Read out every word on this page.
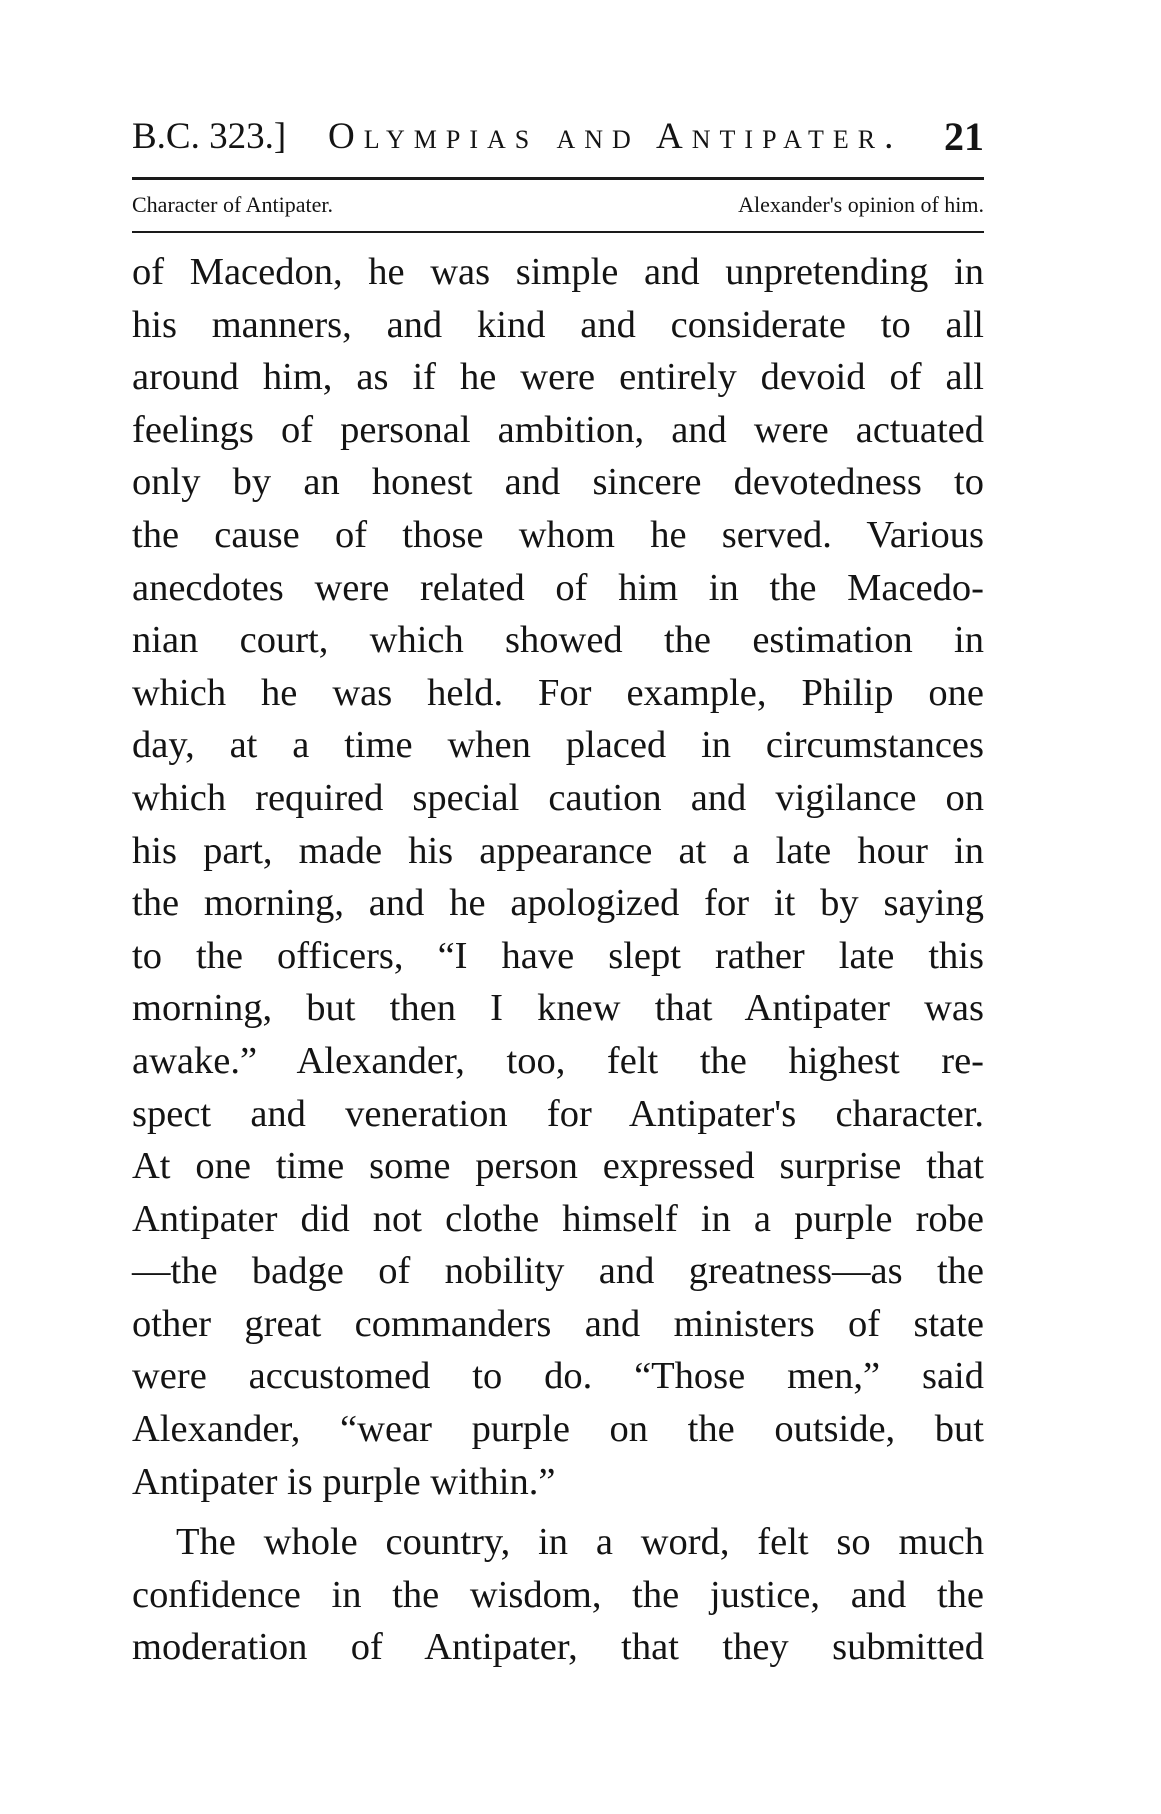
B.C. 323.] Olympias and Antipater. 21
Character of Antipater.	Alexander's opinion of him.
of Macedon, he was simple and unpretending in
his manners, and kind and considerate to all
around him, as if he were entirely devoid of all
feelings of personal ambition, and were actuated
only by an honest and sincere devotedness to
the cause of those whom he served. Various
anecdotes were related of him in the Macedo-
nian court, which showed the estimation in
which he was held. For example, Philip one
day, at a time when placed in circumstances
which required special caution and vigilance on
his part, made his appearance at a late hour in
the morning, and he apologized for it by saying
to the officers, “I have slept rather late this
morning, but then I knew that Antipater was
awake.” Alexander, too, felt the highest re-
spect and veneration for Antipater's character.
At one time some person expressed surprise that
Antipater did not clothe himself in a purple robe
—the badge of nobility and greatness—as the
other great commanders and ministers of state
were accustomed to do. “Those men,” said
Alexander, “wear purple on the outside, but
Antipater is purple within.”
The whole country, in a word, felt so much
confidence in the wisdom, the justice, and the
moderation of Antipater, that they submitted
